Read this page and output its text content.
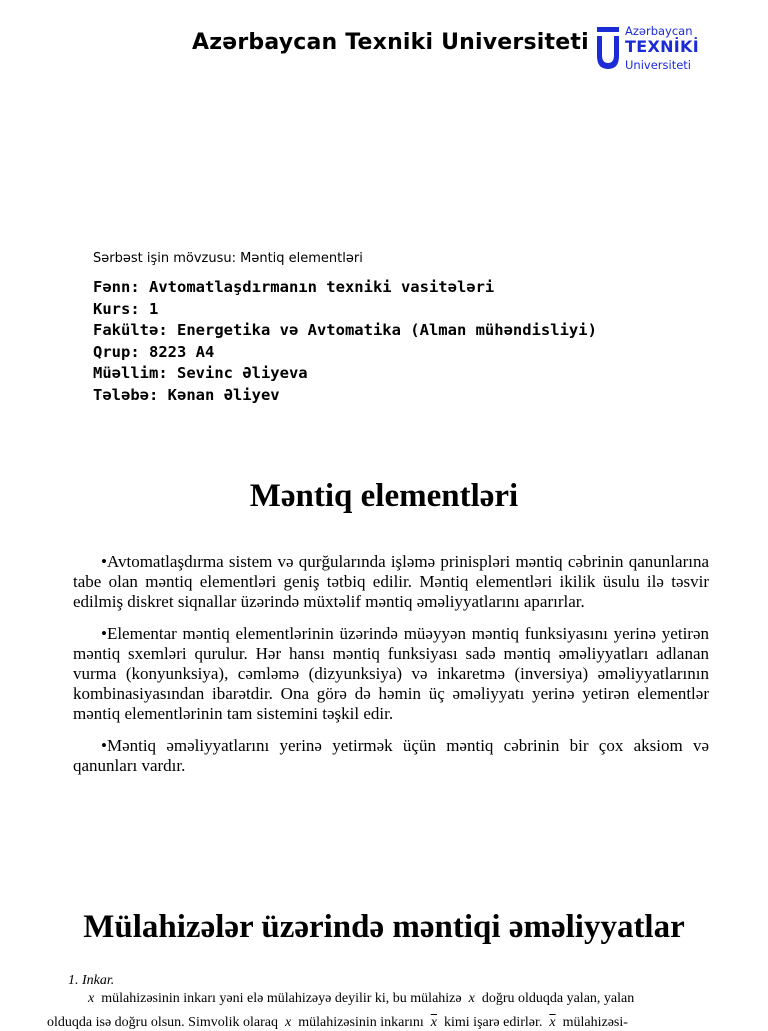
Azərbaycan Texniki Universiteti	Azərbaycan
TEXNİKİ
Universiteti
Sərbəst işin mövzusu: Məntiq elementləri
Fənn: Avtomatlaşdırmanın texniki vasitələri
Kurs: 1
Fakültə: Energetika və Avtomatika (Alman mühəndisliyi)
Qrup: 8223 A4
Müəllim: Sevinc Əliyeva
Tələbə: Kənan Əliyev
Məntiq elementləri

•Avtomatlaşdırma sistem və qurğularında işləmə prinispləri məntiq cəbrinin qanunlarına tabe olan məntiq elementləri geniş tətbiq edilir. Məntiq elementləri ikilik üsulu ilə təsvir edilmiş diskret siqnallar üzərində müxtəlif məntiq əməliyyatlarını aparırlar.

•Elementar məntiq elementlərinin üzərində müəyyən məntiq funksiyasını yerinə yetirən məntiq sxemləri qurulur. Hər hansı məntiq funksiyası sadə məntiq əməliyyatları adlanan vurma (konyunksiya), cəmləmə (dizyunksiya) və inkaretmə (inversiya) əməliyyatlarının kombinasiyasından ibarətdir. Ona görə də həmin üç əməliyyatı yerinə yetirən elementlər məntiq elementlərinin tam sistemini təşkil edir.

•Məntiq əməliyyatlarını yerinə yetirmək üçün məntiq cəbrinin bir çox aksiom və qanunları vardır.

Mülahizələr üzərində məntiqi əməliyyatlar
1. Inkar.
x mülahizəsinin inkarı yəni elə mülahizəyə deyilir ki, bu mülahizə x doğru olduqda yalan, yalan
olduqda isə doğru olsun. Simvolik olaraq x mülahizəsinin inkarını $\overline{x}$ kimi işarə edirlər. $\overline{x}$ mülahizəsi-
